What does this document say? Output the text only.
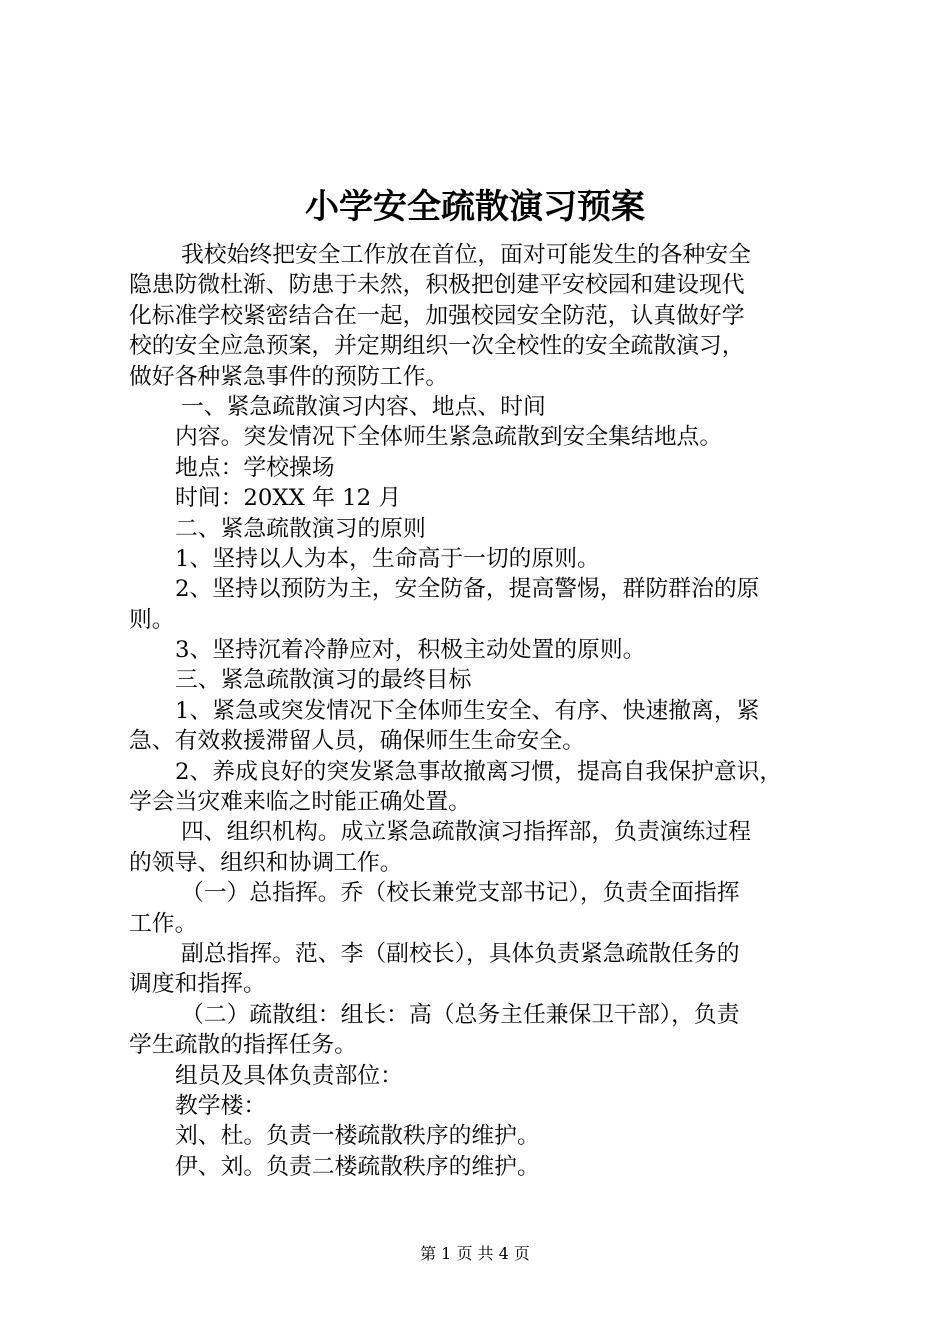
小学安全疏散演习预案
我校始终把安全工作放在首位，面对可能发生的各种安全
隐患防微杜渐、防患于未然，积极把创建平安校园和建设现代
化标准学校紧密结合在一起，加强校园安全防范，认真做好学
校的安全应急预案，并定期组织一次全校性的安全疏散演习，
做好各种紧急事件的预防工作。
一、紧急疏散演习内容、地点、时间
内容。突发情况下全体师生紧急疏散到安全集结地点。
地点：学校操场
时间：20XX 年 12 月
二、紧急疏散演习的原则
1、坚持以人为本，生命高于一切的原则。
2、坚持以预防为主，安全防备，提高警惕，群防群治的原
则。
3、坚持沉着冷静应对，积极主动处置的原则。
三、紧急疏散演习的最终目标
1、紧急或突发情况下全体师生安全、有序、快速撤离，紧
急、有效救援滞留人员，确保师生生命安全。
2、养成良好的突发紧急事故撤离习惯，提高自我保护意识，
学会当灾难来临之时能正确处置。
四、组织机构。成立紧急疏散演习指挥部，负责演练过程
的领导、组织和协调工作。
（一）总指挥。乔（校长兼党支部书记），负责全面指挥
工作。
副总指挥。范、李（副校长），具体负责紧急疏散任务的
调度和指挥。
（二）疏散组：组长：高（总务主任兼保卫干部），负责
学生疏散的指挥任务。
组员及具体负责部位：
教学楼：
刘、杜。负责一楼疏散秩序的维护。
伊、刘。负责二楼疏散秩序的维护。
第 1 页 共 4 页
